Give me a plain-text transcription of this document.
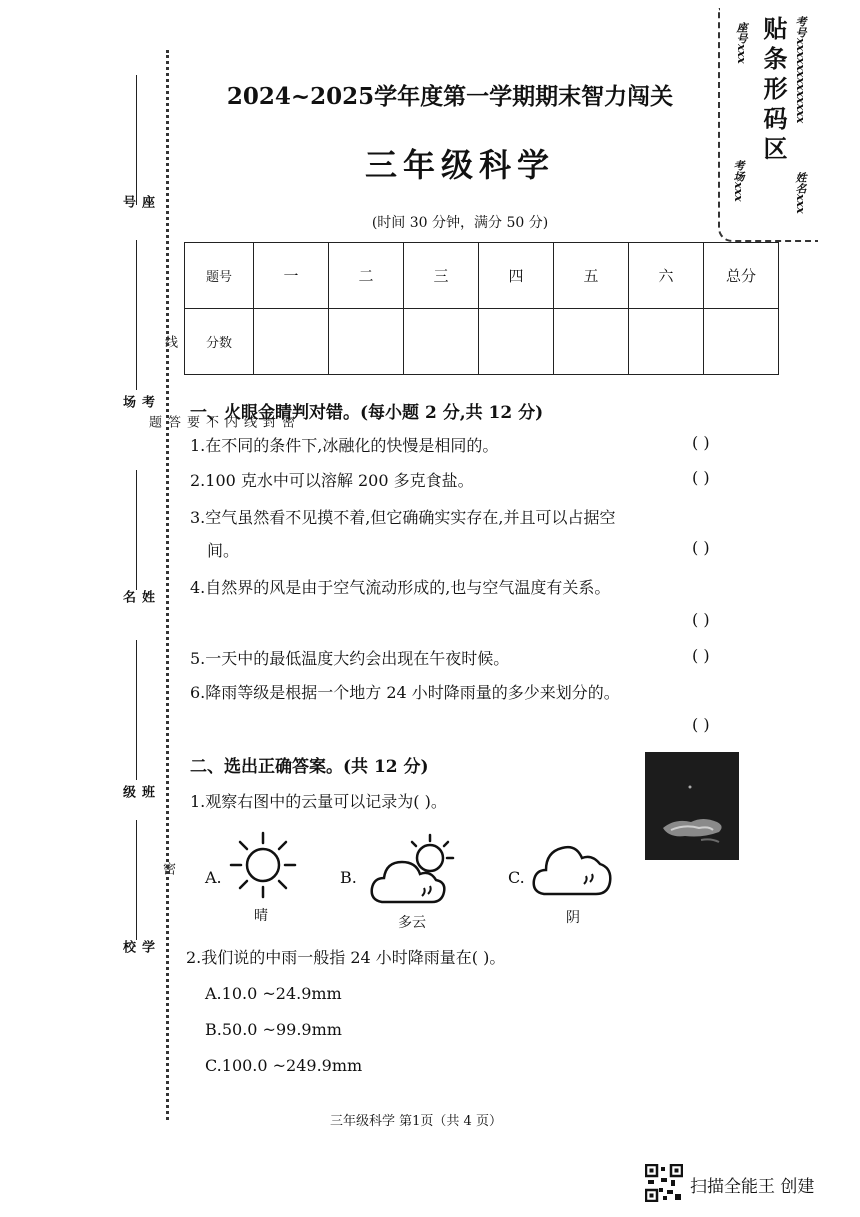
座号
考场
姓名
班级
学校
密 封 线 内 不 要 答 题
线
密
贴条形码区
座号xxx	考号xxxxxxxxxxxxx
考场xxx	姓名xxx
2024~2025学年度第一学期期末智力闯关
三年级科学
(时间 30 分钟，满分 50 分)
题号	一	二	三	四	五	六	总分
分数							
一、火眼金睛判对错。(每小题 2 分,共 12 分)
1.在不同的条件下,冰融化的快慢是相同的。	( )
2.100 克水中可以溶解 200 多克食盐。	( )
3.空气虽然看不见摸不着,但它确确实实存在,并且可以占据空
间。	( )
4.自然界的风是由于空气流动形成的,也与空气温度有关系。
( )
5.一天中的最低温度大约会出现在午夜时候。	( )
6.降雨等级是根据一个地方 24 小时降雨量的多少来划分的。
( )
二、选出正确答案。(共 12 分)
1.观察右图中的云量可以记录为( )。
A.
晴
B.
多云
C.
阴
2.我们说的中雨一般指 24 小时降雨量在( )。
A.10.0 ~24.9mm
B.50.0 ~99.9mm
C.100.0 ~249.9mm
三年级科学 第1页（共 4 页）
扫描全能王 创建
